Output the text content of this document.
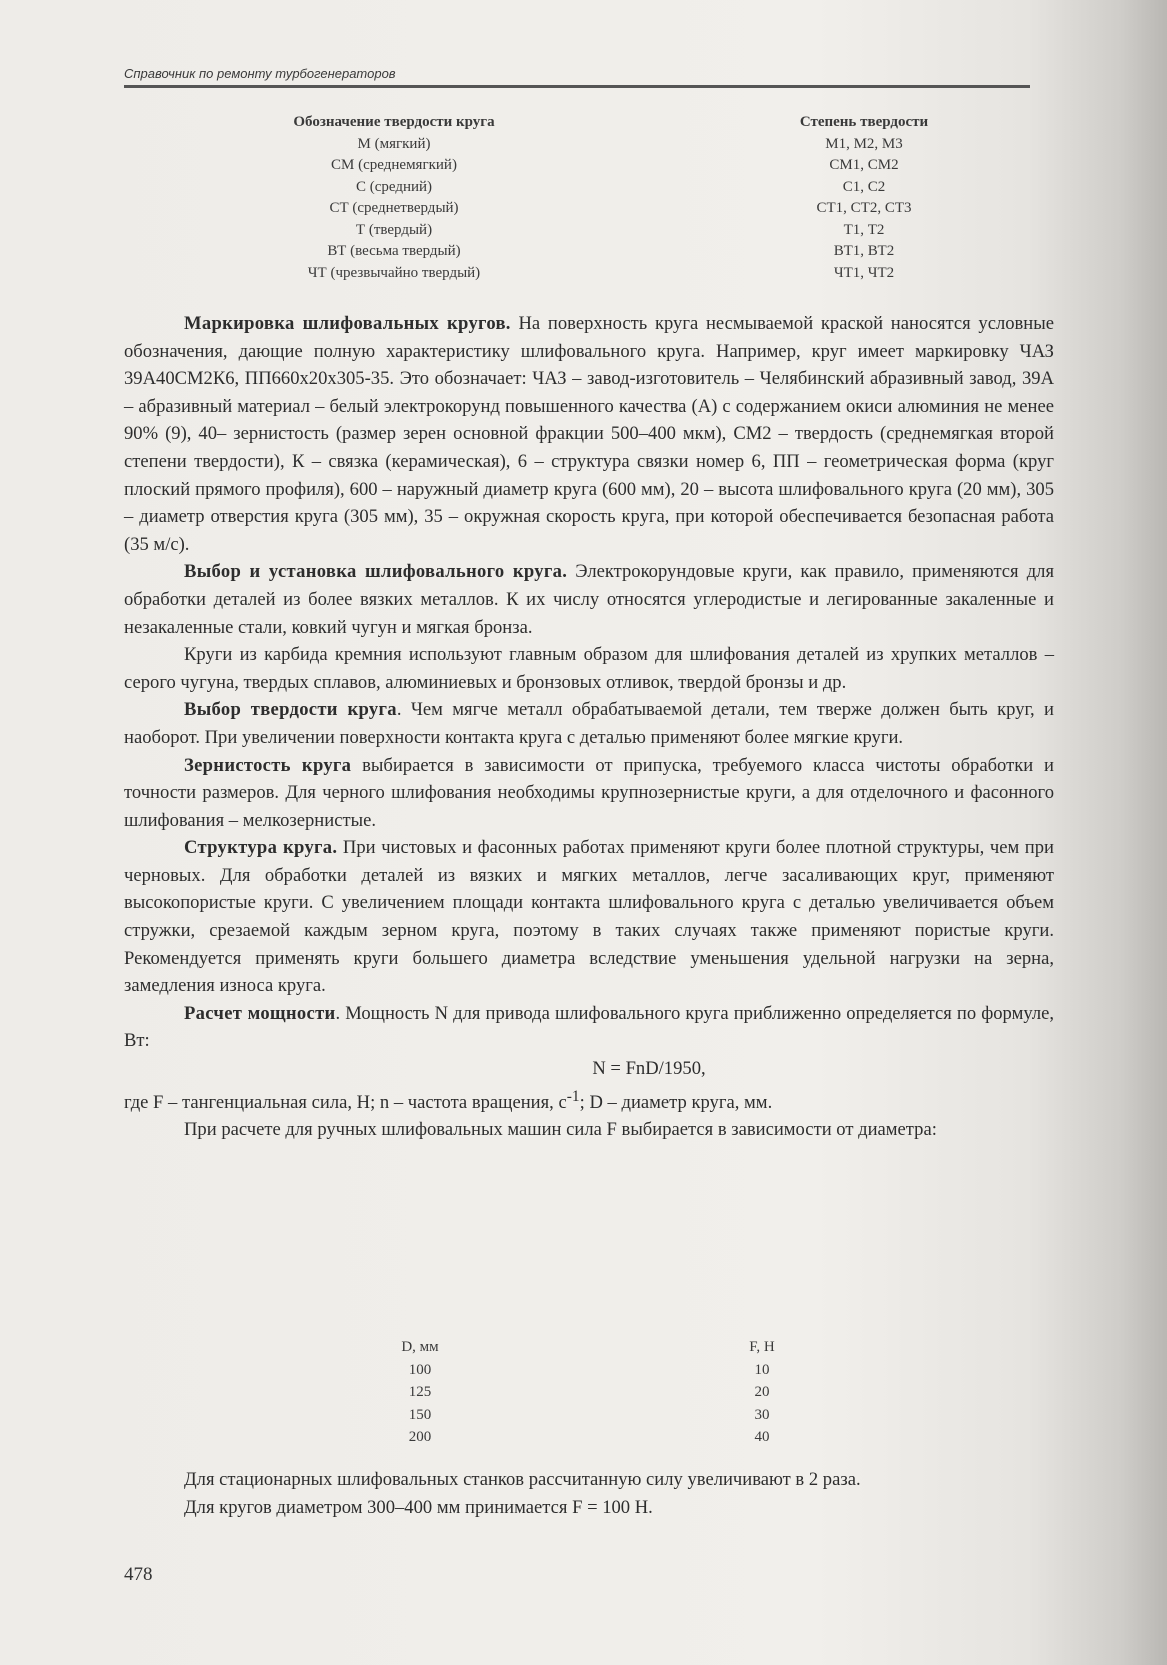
Справочник по ремонту турбогенераторов
Обозначение твердости круга
М (мягкий)
СМ (среднемягкий)
С (средний)
СТ (среднетвердый)
Т (твердый)
ВТ (весьма твердый)
ЧТ (чрезвычайно твердый)
Степень твердости
М1, М2, М3
СМ1, СМ2
С1, С2
СТ1, СТ2, СТ3
Т1, Т2
ВТ1, ВТ2
ЧТ1, ЧТ2

Маркировка шлифовальных кругов. На поверхность круга несмываемой краской наносятся условные обозначения, дающие полную характеристику шлифовального круга. Например, круг имеет маркировку ЧАЗ 39А40СМ2К6, ПП660х20х305-35. Это обозначает: ЧАЗ – завод-изготовитель – Челябинский абразивный завод, 39А – абразивный материал – белый электрокорунд повышенного качества (А) с содержанием окиси алюминия не менее 90% (9), 40– зернистость (размер зерен основной фракции 500–400 мкм), СМ2 – твердость (среднемягкая второй степени твердости), К – связка (керамическая), 6 – структура связки номер 6, ПП – геометрическая форма (круг плоский прямого профиля), 600 – наружный диаметр круга (600 мм), 20 – высота шлифовального круга (20 мм), 305 – диаметр отверстия круга (305 мм), 35 – окружная скорость круга, при которой обеспечивается безопасная работа (35 м/с).

Выбор и установка шлифовального круга. Электрокорундовые круги, как правило, применяются для обработки деталей из более вязких металлов. К их числу относятся углеродистые и легированные закаленные и незакаленные стали, ковкий чугун и мягкая бронза.

Круги из карбида кремния используют главным образом для шлифования деталей из хрупких металлов – серого чугуна, твердых сплавов, алюминиевых и бронзовых отливок, твердой бронзы и др.

Выбор твердости круга. Чем мягче металл обрабатываемой детали, тем тверже должен быть круг, и наоборот. При увеличении поверхности контакта круга с деталью применяют более мягкие круги.

Зернистость круга выбирается в зависимости от припуска, требуемого класса чистоты обработки и точности размеров. Для черного шлифования необходимы крупнозернистые круги, а для отделочного и фасонного шлифования – мелкозернистые.

Структура круга. При чистовых и фасонных работах применяют круги более плотной структуры, чем при черновых. Для обработки деталей из вязких и мягких металлов, легче засаливающих круг, применяют высокопористые круги. С увеличением площади контакта шлифовального круга с деталью увеличивается объем стружки, срезаемой каждым зерном круга, поэтому в таких случаях также применяют пористые круги. Рекомендуется применять круги большего диаметра вследствие уменьшения удельной нагрузки на зерна, замедления износа круга.

Расчет мощности. Мощность N для привода шлифовального круга приближенно определяется по формуле, Вт:

N = FnD/1950,

где F – тангенциальная сила, Н; n – частота вращения, $с^{-1}$; D – диаметр круга, мм.

При расчете для ручных шлифовальных машин сила F выбирается в зависимости от диаметра:

D, мм
100
125
150
200
F, Н
10
20
30
40

Для стационарных шлифовальных станков рассчитанную силу увеличивают в 2 раза.

Для кругов диаметром 300–400 мм принимается F = 100 Н.

478
